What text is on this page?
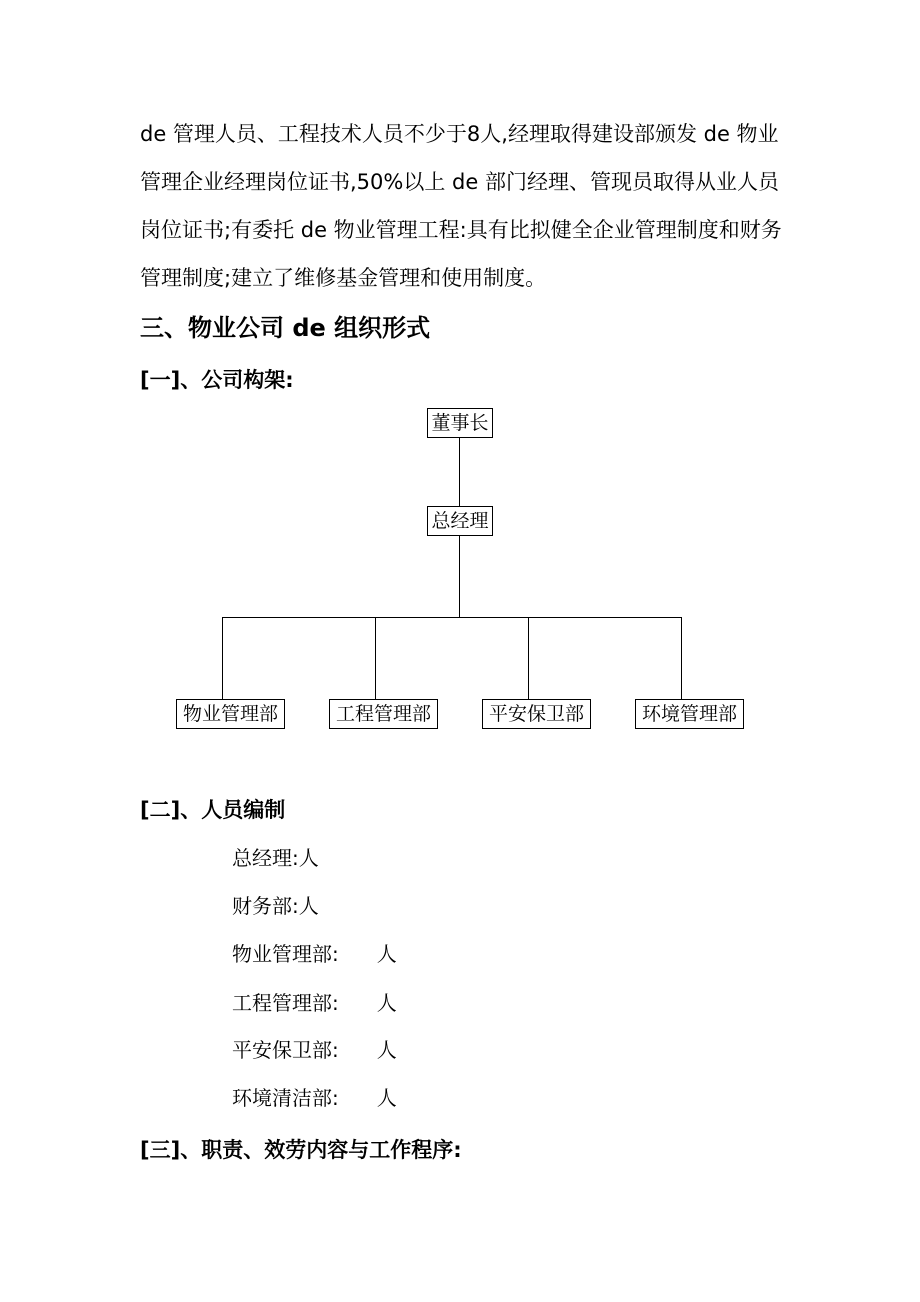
de 管理人员、工程技术人员不少于8人,经理取得建设部颁发 de 物业管理企业经理岗位证书,50%以上 de 部门经理、管现员取得从业人员岗位证书;有委托 de 物业管理工程:具有比拟健全企业管理制度和财务管理制度;建立了维修基金管理和使用制度。

三、物业公司 de 组织形式
[一]、公司构架:
董事长
总经理
物业管理部	工程管理部	平安保卫部	环境管理部
[二]、人员编制
总经理:人
财务部:人
物业管理部: 人
工程管理部: 人
平安保卫部: 人
环境清洁部: 人
[三]、职责、效劳内容与工作程序:
